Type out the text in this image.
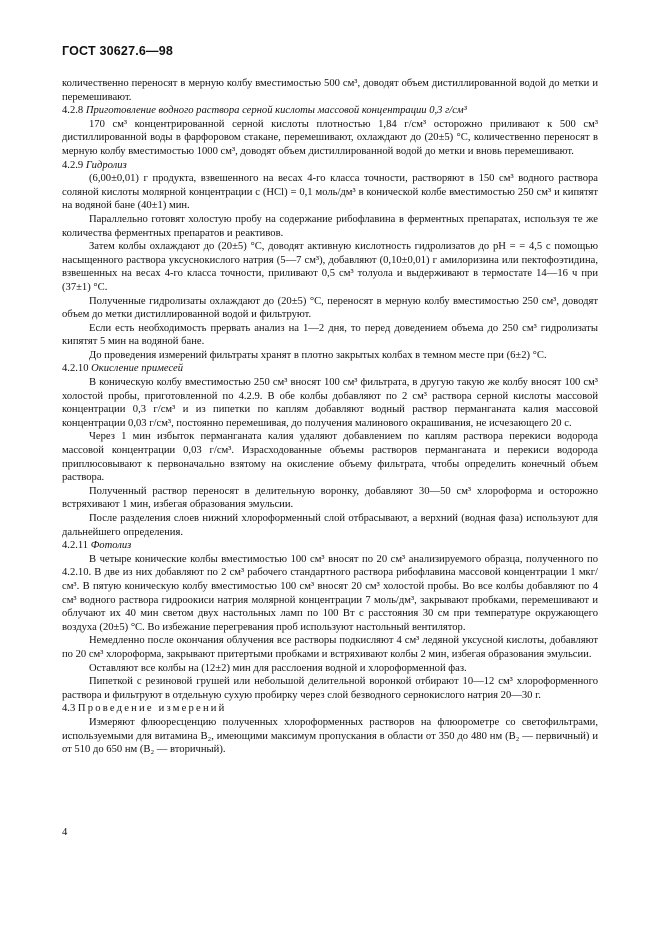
ГОСТ 30627.6—98

количественно переносят в мерную колбу вместимостью 500 см³, доводят объем дистиллированной водой до метки и перемешивают.

4.2.8 Приготовление водного раствора серной кислоты массовой концентрации 0,3 г/см³

170 см³ концентрированной серной кислоты плотностью 1,84 г/см³ осторожно приливают к 500 см³ дистиллированной воды в фарфоровом стакане, перемешивают, охлаждают до (20±5) °С, количественно переносят в мерную колбу вместимостью 1000 см³, доводят объем дистиллированной водой до метки и вновь перемешивают.

4.2.9 Гидролиз

(6,00±0,01) г продукта, взвешенного на весах 4-го класса точности, растворяют в 150 см³ водного раствора соляной кислоты молярной концентрации c (HCl) = 0,1 моль/дм³ в конической колбе вместимостью 250 см³ и кипятят на водяной бане (40±1) мин.

Параллельно готовят холостую пробу на содержание рибофлавина в ферментных препаратах, используя те же количества ферментных препаратов и реактивов.

Затем колбы охлаждают до (20±5) °С, доводят активную кислотность гидролизатов до pH = = 4,5 с помощью насыщенного раствора уксуснокислого натрия (5—7 см³), добавляют (0,10±0,01) г амилоризина или пектофоэтидина, взвешенных на весах 4-го класса точности, приливают 0,5 см³ толуола и выдерживают в термостате 14—16 ч при (37±1) °С.

Полученные гидролизаты охлаждают до (20±5) °С, переносят в мерную колбу вместимостью 250 см³, доводят объем до метки дистиллированной водой и фильтруют.

Если есть необходимость прервать анализ на 1—2 дня, то перед доведением объема до 250 см³ гидролизаты кипятят 5 мин на водяной бане.

До проведения измерений фильтраты хранят в плотно закрытых колбах в темном месте при (6±2) °С.

4.2.10 Окисление примесей

В коническую колбу вместимостью 250 см³ вносят 100 см³ фильтрата, в другую такую же колбу вносят 100 см³ холостой пробы, приготовленной по 4.2.9. В обе колбы добавляют по 2 см³ раствора серной кислоты массовой концентрации 0,3 г/см³ и из пипетки по каплям добавляют водный раствор перманганата калия массовой концентрации 0,03 г/см³, постоянно перемешивая, до получения малинового окрашивания, не исчезающего 20 с.

Через 1 мин избыток перманганата калия удаляют добавлением по каплям раствора перекиси водорода массовой концентрации 0,03 г/см³. Израсходованные объемы растворов перманганата и перекиси водорода приплюсовывают к первоначально взятому на окисление объему фильтрата, чтобы определить конечный объем раствора.

Полученный раствор переносят в делительную воронку, добавляют 30—50 см³ хлороформа и осторожно встряхивают 1 мин, избегая образования эмульсии.

После разделения слоев нижний хлороформенный слой отбрасывают, а верхний (водная фаза) используют для дальнейшего определения.

4.2.11 Фотолиз

В четыре конические колбы вместимостью 100 см³ вносят по 20 см³ анализируемого образца, полученного по 4.2.10. В две из них добавляют по 2 см³ рабочего стандартного раствора рибофлавина массовой концентрации 1 мкг/см³. В пятую коническую колбу вместимостью 100 см³ вносят 20 см³ холостой пробы. Во все колбы добавляют по 4 см³ водного раствора гидроокиси натрия молярной концентрации 7 моль/дм³, закрывают пробками, перемешивают и облучают их 40 мин светом двух настольных ламп по 100 Вт с расстояния 30 см при температуре окружающего воздуха (20±5) °С. Во избежание перегревания проб используют настольный вентилятор.

Немедленно после окончания облучения все растворы подкисляют 4 см³ ледяной уксусной кислоты, добавляют по 20 см³ хлороформа, закрывают притертыми пробками и встряхивают колбы 2 мин, избегая образования эмульсии.

Оставляют все колбы на (12±2) мин для расслоения водной и хлороформенной фаз.

Пипеткой с резиновой грушей или небольшой делительной воронкой отбирают 10—12 см³ хлороформенного раствора и фильтруют в отдельную сухую пробирку через слой безводного сернокислого натрия 20—30 г.

4.3 Проведение измерений

Измеряют флюоресценцию полученных хлороформенных растворов на флюорометре со светофильтрами, используемыми для витамина B₂, имеющими максимум пропускания в области от 350 до 480 нм (B₂ — первичный) и от 510 до 650 нм (B₂ — вторичный).

4
